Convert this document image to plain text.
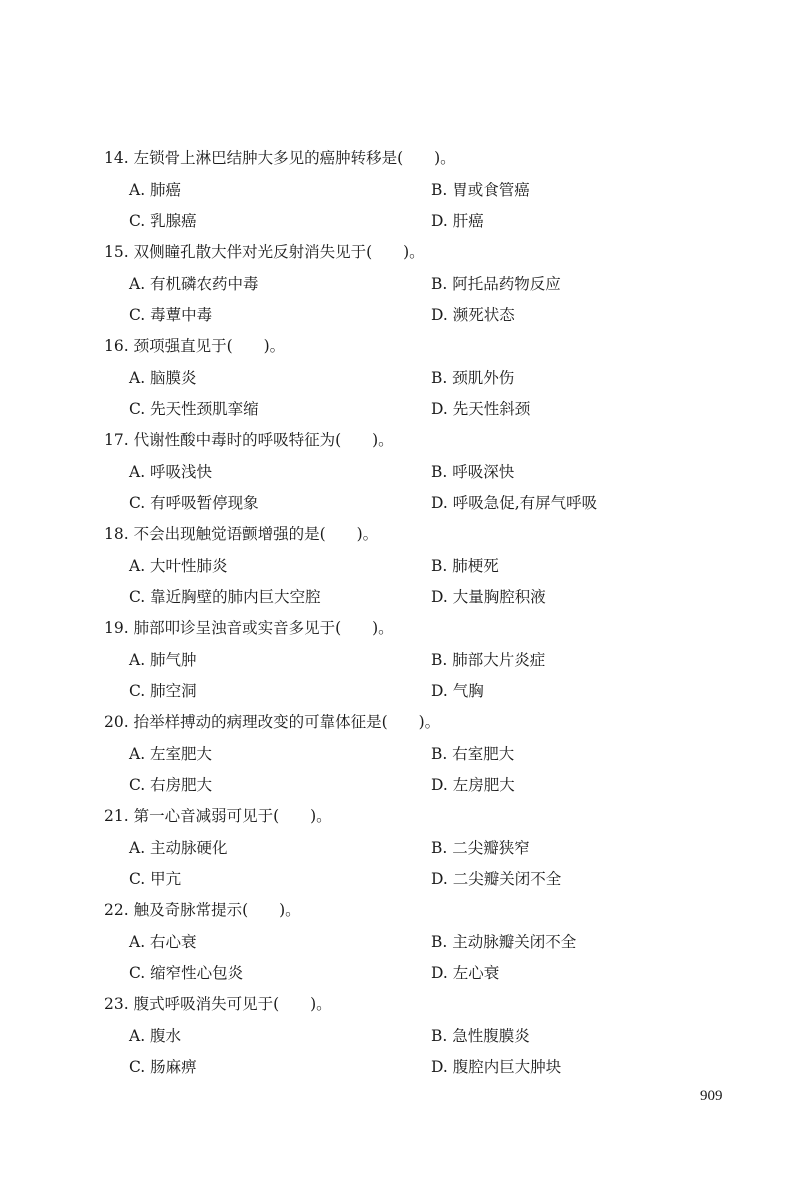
14. 左锁骨上淋巴结肿大多见的癌肿转移是(　　)。
A. 肺癌	B. 胃或食管癌
C. 乳腺癌	D. 肝癌
15. 双侧瞳孔散大伴对光反射消失见于(　　)。
A. 有机磷农药中毒	B. 阿托品药物反应
C. 毒蕈中毒	D. 濒死状态
16. 颈项强直见于(　　)。
A. 脑膜炎	B. 颈肌外伤
C. 先天性颈肌挛缩	D. 先天性斜颈
17. 代谢性酸中毒时的呼吸特征为(　　)。
A. 呼吸浅快	B. 呼吸深快
C. 有呼吸暂停现象	D. 呼吸急促,有屏气呼吸
18. 不会出现触觉语颤增强的是(　　)。
A. 大叶性肺炎	B. 肺梗死
C. 靠近胸壁的肺内巨大空腔	D. 大量胸腔积液
19. 肺部叩诊呈浊音或实音多见于(　　)。
A. 肺气肿	B. 肺部大片炎症
C. 肺空洞	D. 气胸
20. 抬举样搏动的病理改变的可靠体征是(　　)。
A. 左室肥大	B. 右室肥大
C. 右房肥大	D. 左房肥大
21. 第一心音减弱可见于(　　)。
A. 主动脉硬化	B. 二尖瓣狭窄
C. 甲亢	D. 二尖瓣关闭不全
22. 触及奇脉常提示(　　)。
A. 右心衰	B. 主动脉瓣关闭不全
C. 缩窄性心包炎	D. 左心衰
23. 腹式呼吸消失可见于(　　)。
A. 腹水	B. 急性腹膜炎
C. 肠麻痹	D. 腹腔内巨大肿块
909
